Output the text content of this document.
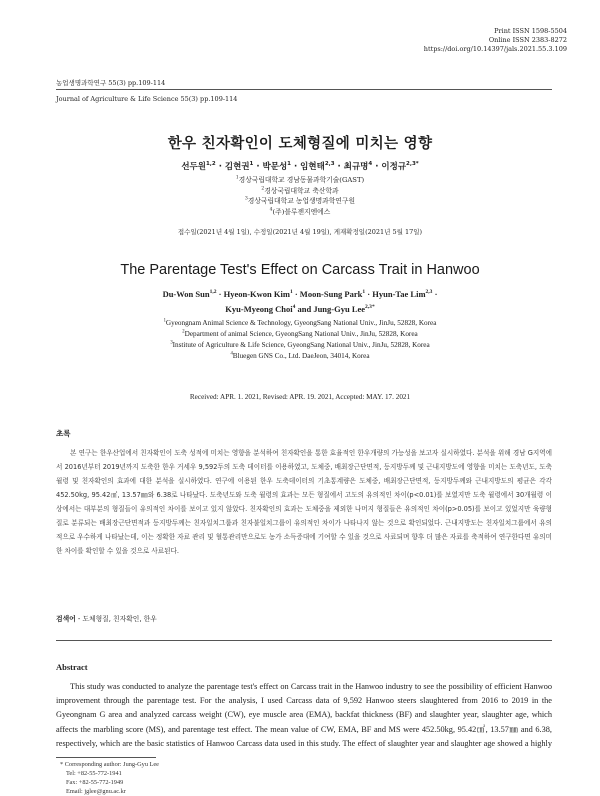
Print ISSN 1598-5504
Online ISSN 2383-8272
https://doi.org/10.14397/jals.2021.55.3.109
농업생명과학연구 55(3) pp.109-114
Journal of Agriculture & Life Science 55(3) pp.109-114
한우 친자확인이 도체형질에 미치는 영향
선두원$^{1,2}$ · 김현권$^1$ · 박문성$^1$ · 임현태$^{2,3}$ · 최규명$^4$ · 이정규$^{2,3*}$
$^1$경상국립대학교 경남동물과학기술(GAST)
$^2$경상국립대학교 축산학과
$^3$경상국립대학교 농업생명과학연구원
$^4$(주)블루젠지엔에스
접수일(2021년 4월 1일), 수정일(2021년 4월 19일), 게재확정일(2021년 5월 17일)
The Parentage Test's Effect on Carcass Trait in Hanwoo
Du-Won Sun$^{1,2}$ · Hyeon-Kwon Kim$^1$ · Moon-Sung Park$^1$ · Hyun-Tae Lim$^{2,3}$ ·
Kyu-Myeong Choi$^4$ and Jung-Gyu Lee$^{2,3*}$
$^1$Gyeongnam Animal Science & Technology, GyeongSang National Univ., JinJu, 52828, Korea
$^2$Department of animal Science, GyeongSang National Univ., JinJu, 52828, Korea
$^3$Institute of Agriculture & Life Science, GyeongSang National Univ., JinJu, 52828, Korea
$^4$Bluegen GNS Co., Ltd. DaeJeon, 34014, Korea
Received: APR. 1. 2021, Revised: APR. 19. 2021, Accepted: MAY. 17. 2021
초록
본 연구는 한우산업에서 친자확인이 도축 성적에 미치는 영향을 분석하여 친자확인을 통한 효율적인 한우개량의 가능성을 보고자 실시하였다. 분석을 위해 경남 G지역에서 2016년부터 2019년까지 도축한 한우 거세우 9,592두의 도축 데이터를 이용하였고, 도체중, 배최장근단면적, 등지방두께 및 근내지방도에 영향을 미치는 도축년도, 도축월령 및 친자확인의 효과에 대한 분석을 실시하였다. 연구에 이용된 한우 도축데이터의 기초통계량은 도체중, 배최장근단면적, 등지방두께와 근내지방도의 평균은 각각 452.50kg, 95.42㎠, 13.57㎜와 6.38로 나타났다. 도축년도와 도축 월령의 효과는 모든 형질에서 고도의 유의적인 차이(p<0.01)를 보였지만 도축 월령에서 30개월령 이상에서는 대부분의 형질들이 유의적인 차이를 보이고 있지 않았다. 친자확인의 효과는 도체중을 제외한 나머지 형질들은 유의적인 차이(p>0.05)를 보이고 있었지만 육량형질로 분류되는 배최장근단면적과 등지방두께는 친자일치그룹과 친자불일치그룹이 유의적인 차이가 나타나지 않는 것으로 확인되었다. 근내지방도는 친자일치그룹에서 유의적으로 우수하게 나타났는데, 이는 정확한 자료 관리 및 혈통관리만으로도 농가 소득증대에 기여할 수 있을 것으로 사료되며 향후 더 많은 자료를 축적하여 연구한다면 유의미한 차이를 확인할 수 있을 것으로 사료된다.
검색어 - 도체형질, 친자확인, 한우
Abstract
This study was conducted to analyze the parentage test's effect on Carcass trait in the Hanwoo industry to see the possibility of efficient Hanwoo improvement through the parentage test. For the analysis, I used Carcass data of 9,592 Hanwoo steers slaughtered from 2016 to 2019 in the Gyeongnam G area and analyzed carcass weight (CW), eye muscle area (EMA), backfat thickness (BF) and slaughter year, slaughter age, which affects the marbling score (MS), and parentage test effect. The mean value of CW, EMA, BF and MS were 452.50kg, 95.42㎠, 13.57㎜ and 6.38, respectively, which are the basic statistics of Hanwoo Carcass data used in this study. The effect of slaughter year and slaughter age showed a highly
* Corresponding author: Jung-Gyu Lee
Tel: +82-55-772-1941
Fax: +82-55-772-1949
Email: jglee@gnu.ac.kr
